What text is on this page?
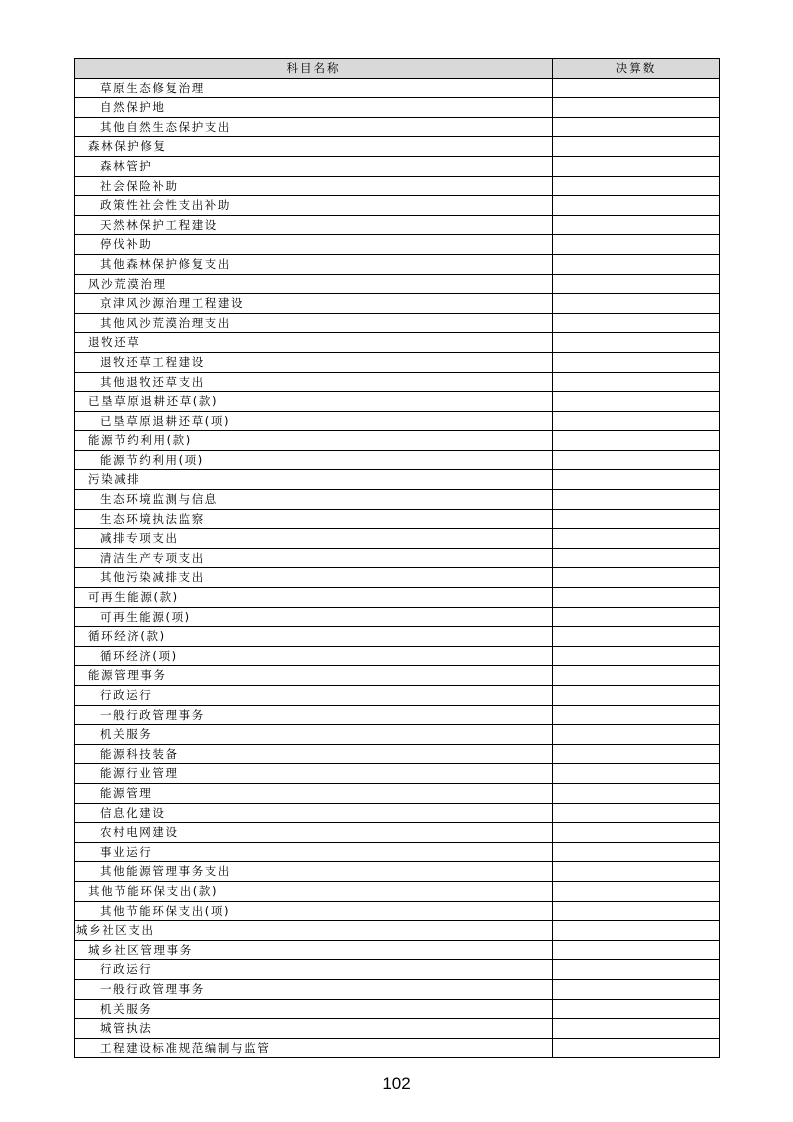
科目名称	决算数
草原生态修复治理	
自然保护地	
其他自然生态保护支出	
森林保护修复	
森林管护	
社会保险补助	
政策性社会性支出补助	
天然林保护工程建设	
停伐补助	
其他森林保护修复支出	
风沙荒漠治理	
京津风沙源治理工程建设	
其他风沙荒漠治理支出	
退牧还草	
退牧还草工程建设	
其他退牧还草支出	
已垦草原退耕还草(款)	
已垦草原退耕还草(项)	
能源节约利用(款)	
能源节约利用(项)	
污染减排	
生态环境监测与信息	
生态环境执法监察	
减排专项支出	
清洁生产专项支出	
其他污染减排支出	
可再生能源(款)	
可再生能源(项)	
循环经济(款)	
循环经济(项)	
能源管理事务	
行政运行	
一般行政管理事务	
机关服务	
能源科技装备	
能源行业管理	
能源管理	
信息化建设	
农村电网建设	
事业运行	
其他能源管理事务支出	
其他节能环保支出(款)	
其他节能环保支出(项)	
城乡社区支出	
城乡社区管理事务	
行政运行	
一般行政管理事务	
机关服务	
城管执法	
工程建设标准规范编制与监管	
102
